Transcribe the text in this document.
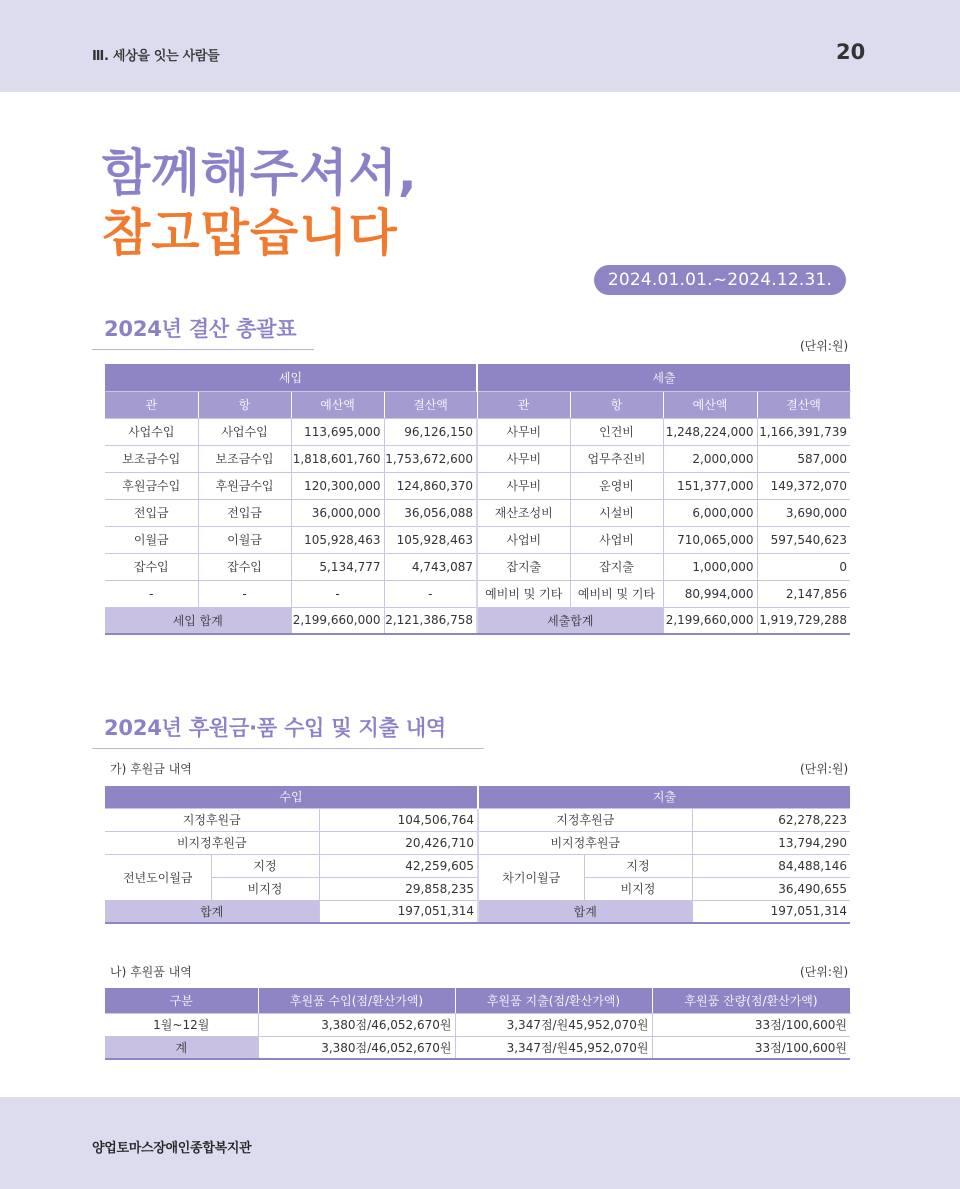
Ⅲ. 세상을 잇는 사람들	20
함께해주셔서,
참고맙습니다
2024.01.01.~2024.12.31.
2024년 결산 총괄표
(단위:원)
세입				세출			
관	항	예산액	결산액	관	항	예산액	결산액
사업수입	사업수입	113,695,000	96,126,150	사무비	인건비	1,248,224,000	1,166,391,739
보조금수입	보조금수입	1,818,601,760	1,753,672,600	사무비	업무추진비	2,000,000	587,000
후원금수입	후원금수입	120,300,000	124,860,370	사무비	운영비	151,377,000	149,372,070
전입금	전입금	36,000,000	36,056,088	재산조성비	시설비	6,000,000	3,690,000
이월금	이월금	105,928,463	105,928,463	사업비	사업비	710,065,000	597,540,623
잡수입	잡수입	5,134,777	4,743,087	잡지출	잡지출	1,000,000	0
-	-	-	-	예비비 및 기타	예비비 및 기타	80,994,000	2,147,856
세입 합계		2,199,660,000	2,121,386,758	세출합계		2,199,660,000	1,919,729,288
2024년 후원금·품 수입 및 지출 내역
가) 후원금 내역	(단위:원)
수입			지출		
지정후원금		104,506,764	지정후원금		62,278,223
비지정후원금		20,426,710	비지정후원금		13,794,290
전년도이월금	지정	42,259,605	차기이월금	지정	84,488,146
	비지정	29,858,235		비지정	36,490,655
합계		197,051,314	합계		197,051,314
나) 후원품 내역	(단위:원)
구분	후원품 수입(점/환산가액)	후원품 지출(점/환산가액)	후원품 잔량(점/환산가액)
1월~12월	3,380점/46,052,670원	3,347점/원45,952,070원	33점/100,600원
계	3,380점/46,052,670원	3,347점/원45,952,070원	33점/100,600원
양업토마스장애인종합복지관
